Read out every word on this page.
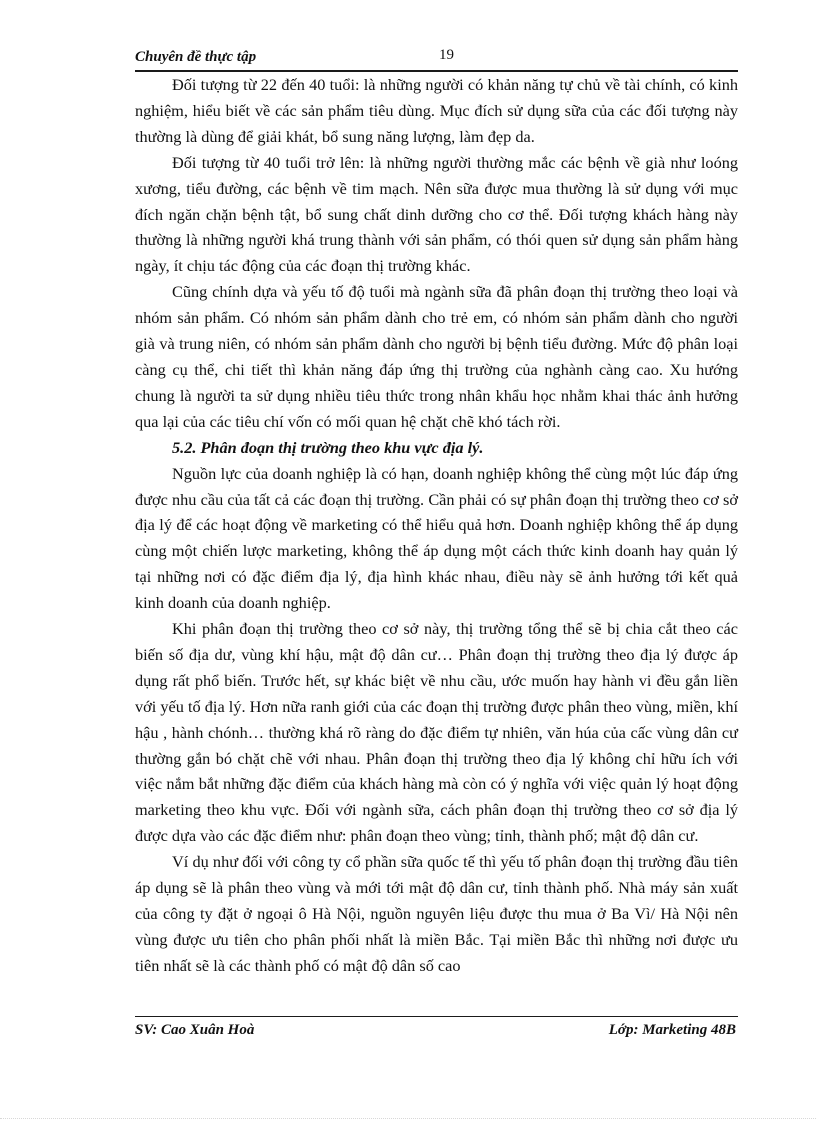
Chuyên đề thực tập	19

Đối tượng từ 22 đến 40 tuổi: là những người có khản năng tự chủ về tài chính, có kinh nghiệm, hiểu biết về các sản phẩm tiêu dùng. Mục đích sử dụng sữa của các đối tượng này thường là dùng để giải khát, bổ sung năng lượng, làm đẹp da.

Đối tượng từ 40 tuổi trở lên: là những người thường mắc các bệnh về già như loóng xương, tiểu đường, các bệnh về tim mạch. Nên sữa được mua thường là sử dụng với mục đích ngăn chặn bệnh tật, bổ sung chất dinh dưỡng cho cơ thể. Đối tượng khách hàng này thường là những người khá trung thành với sản phẩm, có thói quen sử dụng sản phẩm hàng ngày, ít chịu tác động của các đoạn thị trường khác.

Cũng chính dựa và yếu tố độ tuổi mà ngành sữa đã phân đoạn thị trường theo loại và nhóm sản phẩm. Có nhóm sản phẩm dành cho trẻ em, có nhóm sản phẩm dành cho người già và trung niên, có nhóm sản phẩm dành cho người bị bệnh tiểu đường. Mức độ phân loại càng cụ thể, chi tiết thì khản năng đáp ứng thị trường của nghành càng cao. Xu hướng chung là người ta sử dụng nhiều tiêu thức trong nhân khẩu học nhằm khai thác ảnh hưởng qua lại của các tiêu chí vốn có mối quan hệ chặt chẽ khó tách rời.

5.2. Phân đoạn thị trường theo khu vực địa lý.

Nguồn lực của doanh nghiệp là có hạn, doanh nghiệp không thể cùng một lúc đáp ứng được nhu cầu của tất cả các đoạn thị trường. Cần phải có sự phân đoạn thị trường theo cơ sở địa lý để các hoạt động về marketing có thể hiểu quả hơn. Doanh nghiệp không thể áp dụng cùng một chiến lược marketing, không thể áp dụng một cách thức kinh doanh hay quản lý tại những nơi có đặc điểm địa lý, địa hình khác nhau, điều này sẽ ảnh hưởng tới kết quả kinh doanh của doanh nghiệp.

Khi phân đoạn thị trường theo cơ sở này, thị trường tổng thể sẽ bị chia cắt theo các biến số địa dư, vùng khí hậu, mật độ dân cư… Phân đoạn thị trường theo địa lý được áp dụng rất phổ biến. Trước hết, sự khác biệt về nhu cầu, ước muốn hay hành vi đều gắn liền với yếu tố địa lý. Hơn nữa ranh giới của các đoạn thị trường được phân theo vùng, miền, khí hậu , hành chónh… thường khá rõ ràng do đặc điểm tự nhiên, văn húa của cấc vùng dân cư thường gắn bó chặt chẽ với nhau. Phân đoạn thị trường theo địa lý không chỉ hữu ích với việc nắm bắt những đặc điểm của khách hàng mà còn có ý nghĩa với việc quản lý hoạt động marketing theo khu vực. Đối với ngành sữa, cách phân đoạn thị trường theo cơ sở địa lý được dựa vào các đặc điểm như: phân đoạn theo vùng; tỉnh, thành phố; mật độ dân cư.

Ví dụ như đối với công ty cổ phần sữa quốc tế thì yếu tố phân đoạn thị trường đầu tiên áp dụng sẽ là phân theo vùng và mới tới mật độ dân cư, tỉnh thành phố. Nhà máy sản xuất của công ty đặt ở ngoại ô Hà Nội, nguồn nguyên liệu được thu mua ở Ba Vì/ Hà Nội nên vùng được ưu tiên cho phân phối nhất là miền Bắc. Tại miền Bắc thì những nơi được ưu tiên nhất sẽ là các thành phố có mật độ dân số cao

SV: Cao Xuân Hoà	Lớp: Marketing 48B
